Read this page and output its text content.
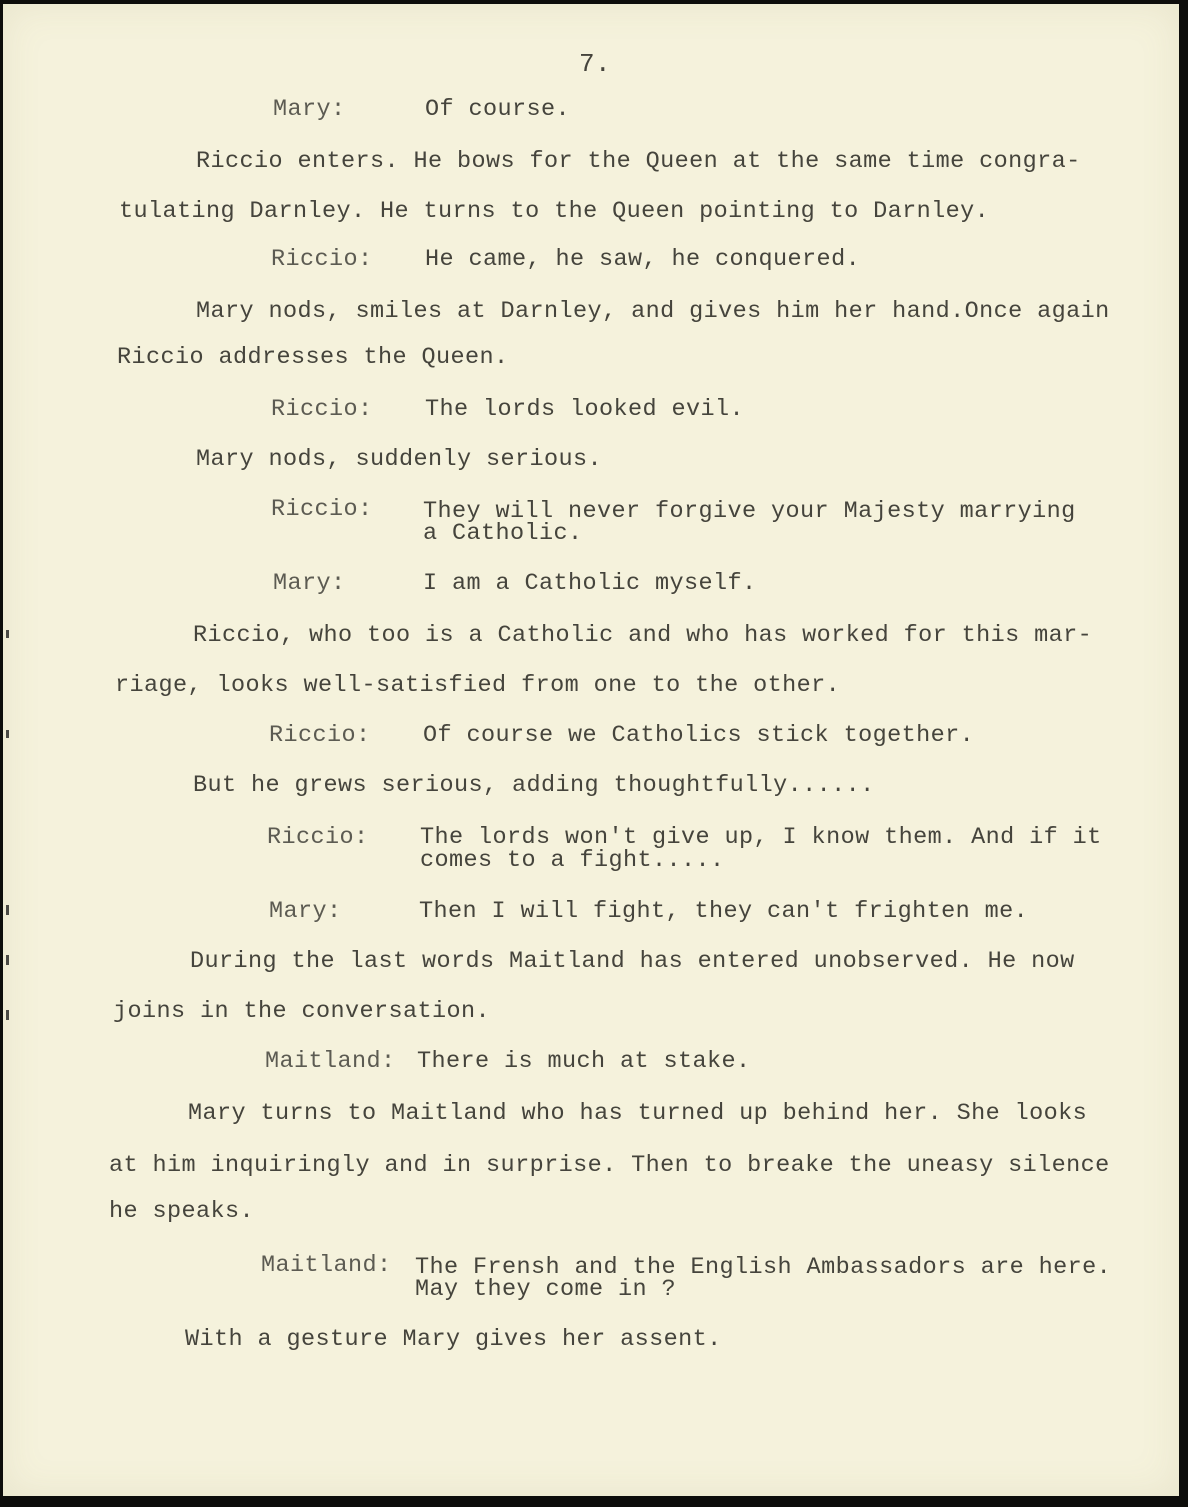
7.
Mary:	Of course.
Riccio enters. He bows for the Queen at the same time congra-
tulating Darnley. He turns to the Queen pointing to Darnley.
Riccio: He came, he saw, he conquered.
Mary nods, smiles at Darnley, and gives him her hand.Once again
Riccio addresses the Queen.
Riccio: The lords looked evil.
Mary nods, suddenly serious.
Riccio: They will never forgive your Majesty marrying
a Catholic.
Mary:	I am a Catholic myself.
Riccio, who too is a Catholic and who has worked for this mar-
riage, looks well-satisfied from one to the other.
Riccio: Of course we Catholics stick together.
But he grews serious, adding thoughtfully......
Riccio: The lords won't give up, I know them. And if it
comes to a fight.....
Mary:	Then I will fight, they can't frighten me.
During the last words Maitland has entered unobserved. He now
joins in the conversation.
Maitland: There is much at stake.
Mary turns to Maitland who has turned up behind her. She looks
at him inquiringly and in surprise. Then to breake the uneasy silence
he speaks.
Maitland: The Frensh and the English Ambassadors are here.
May they come in ?
With a gesture Mary gives her assent.
